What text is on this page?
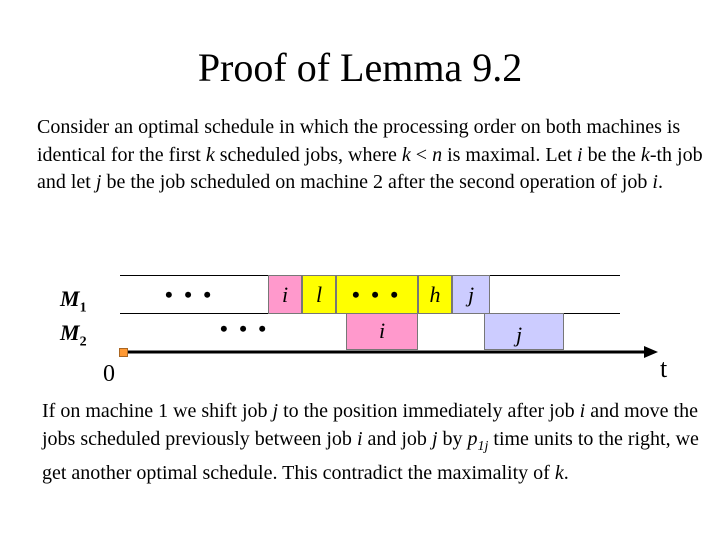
Proof of Lemma 9.2
Consider an optimal schedule in which the processing order on both machines is identical for the first k scheduled jobs, where k < n is maximal. Let i be the k-th job and let j be the job scheduled on machine 2 after the second operation of job i.
$M_1$
$M_2$
• • •	i	l	• • •	h	j
• • •	i	j
0	t
If on machine 1 we shift job j to the position immediately after job i and move the jobs scheduled previously between job i and job j by $p_{1j}$ time units to the right, we get another optimal schedule. This contradict the maximality of k.
